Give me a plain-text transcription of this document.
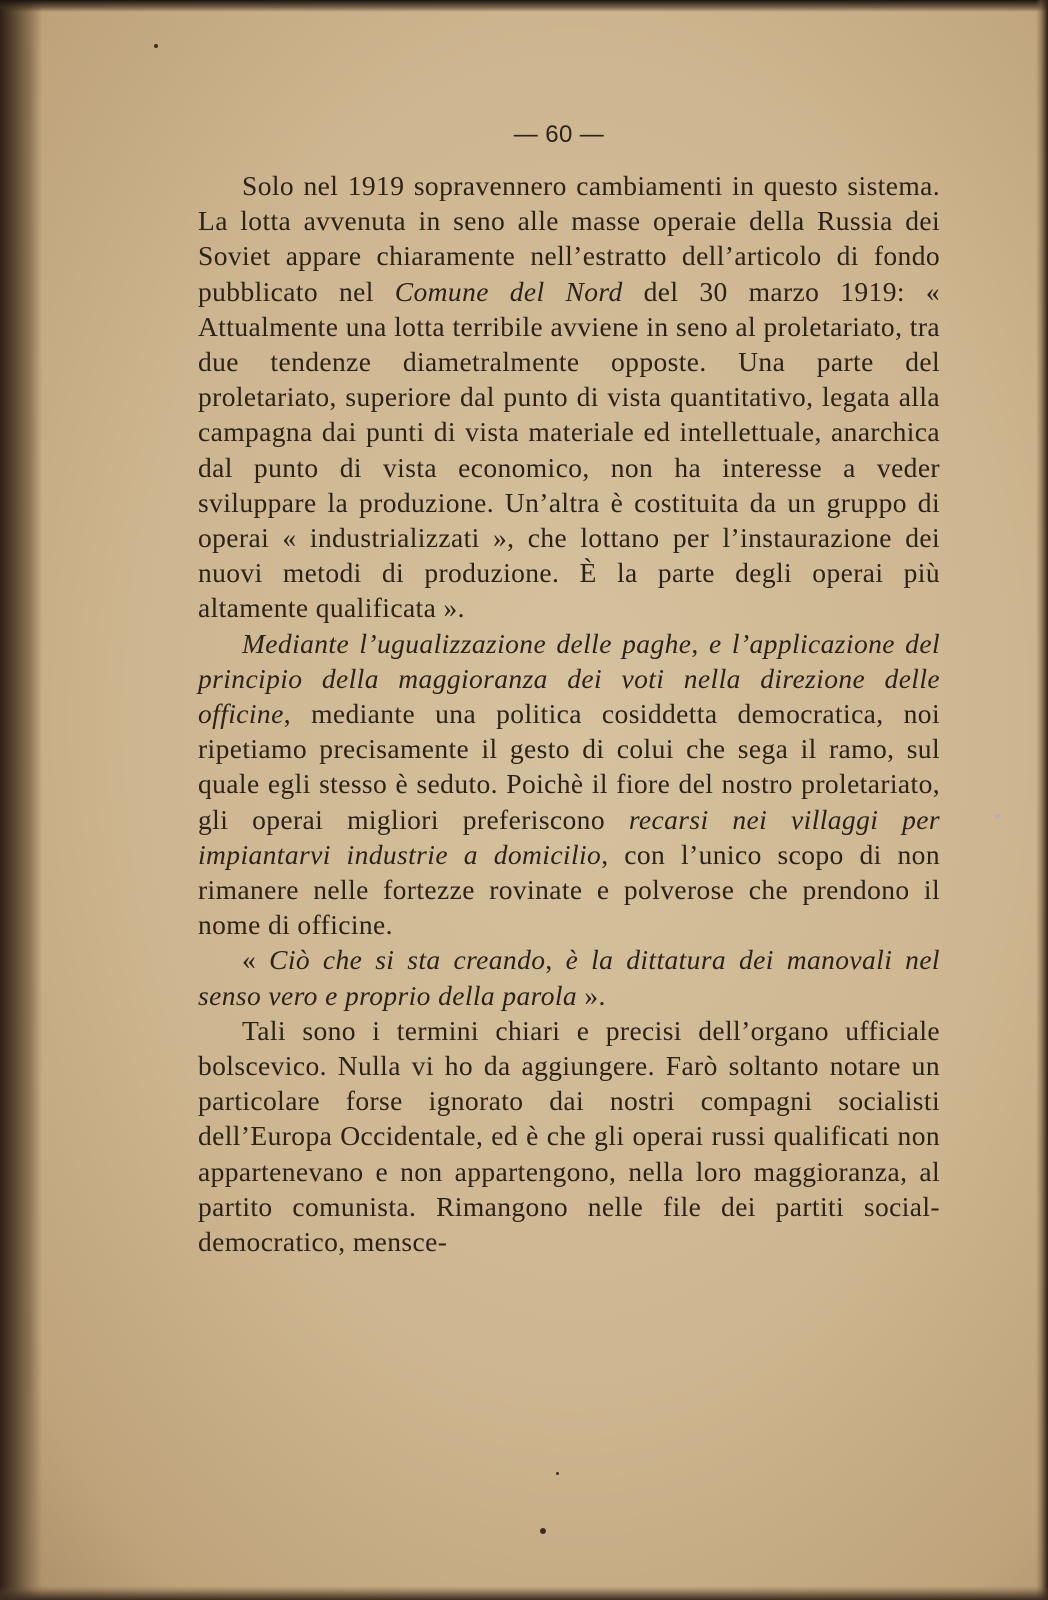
— 60 —

Solo nel 1919 sopravennero cambiamenti in questo sistema. La lotta avvenuta in seno alle masse operaie della Russia dei Soviet appare chiaramente nell’estratto dell’articolo di fondo pubblicato nel Comune del Nord del 30 marzo 1919: « Attualmente una lotta terribile avviene in seno al proletariato, tra due tendenze diametralmente opposte. Una parte del proletariato, superiore dal punto di vista quantitativo, legata alla campagna dai punti di vista materiale ed intellettuale, anarchica dal punto di vista economico, non ha interesse a veder sviluppare la produzione. Un’altra è costituita da un gruppo di operai « industrializzati », che lottano per l’instaurazione dei nuovi metodi di produzione. È la parte degli operai più altamente qualificata ».

Mediante l’ugualizzazione delle paghe, e l’applicazione del principio della maggioranza dei voti nella direzione delle officine, mediante una politica cosiddetta democratica, noi ripetiamo precisamente il gesto di colui che sega il ramo, sul quale egli stesso è seduto. Poichè il fiore del nostro proletariato, gli operai migliori preferiscono recarsi nei villaggi per impiantarvi industrie a domicilio, con l’unico scopo di non rimanere nelle fortezze rovinate e polverose che prendono il nome di officine.

« Ciò che si sta creando, è la dittatura dei manovali nel senso vero e proprio della parola ».

Tali sono i termini chiari e precisi dell’organo ufficiale bolscevico. Nulla vi ho da aggiungere. Farò soltanto notare un particolare forse ignorato dai nostri compagni socialisti dell’Europa Occidentale, ed è che gli operai russi qualificati non appartenevano e non appartengono, nella loro maggioranza, al partito comunista. Rimangono nelle file dei partiti social-democratico, mensce-
